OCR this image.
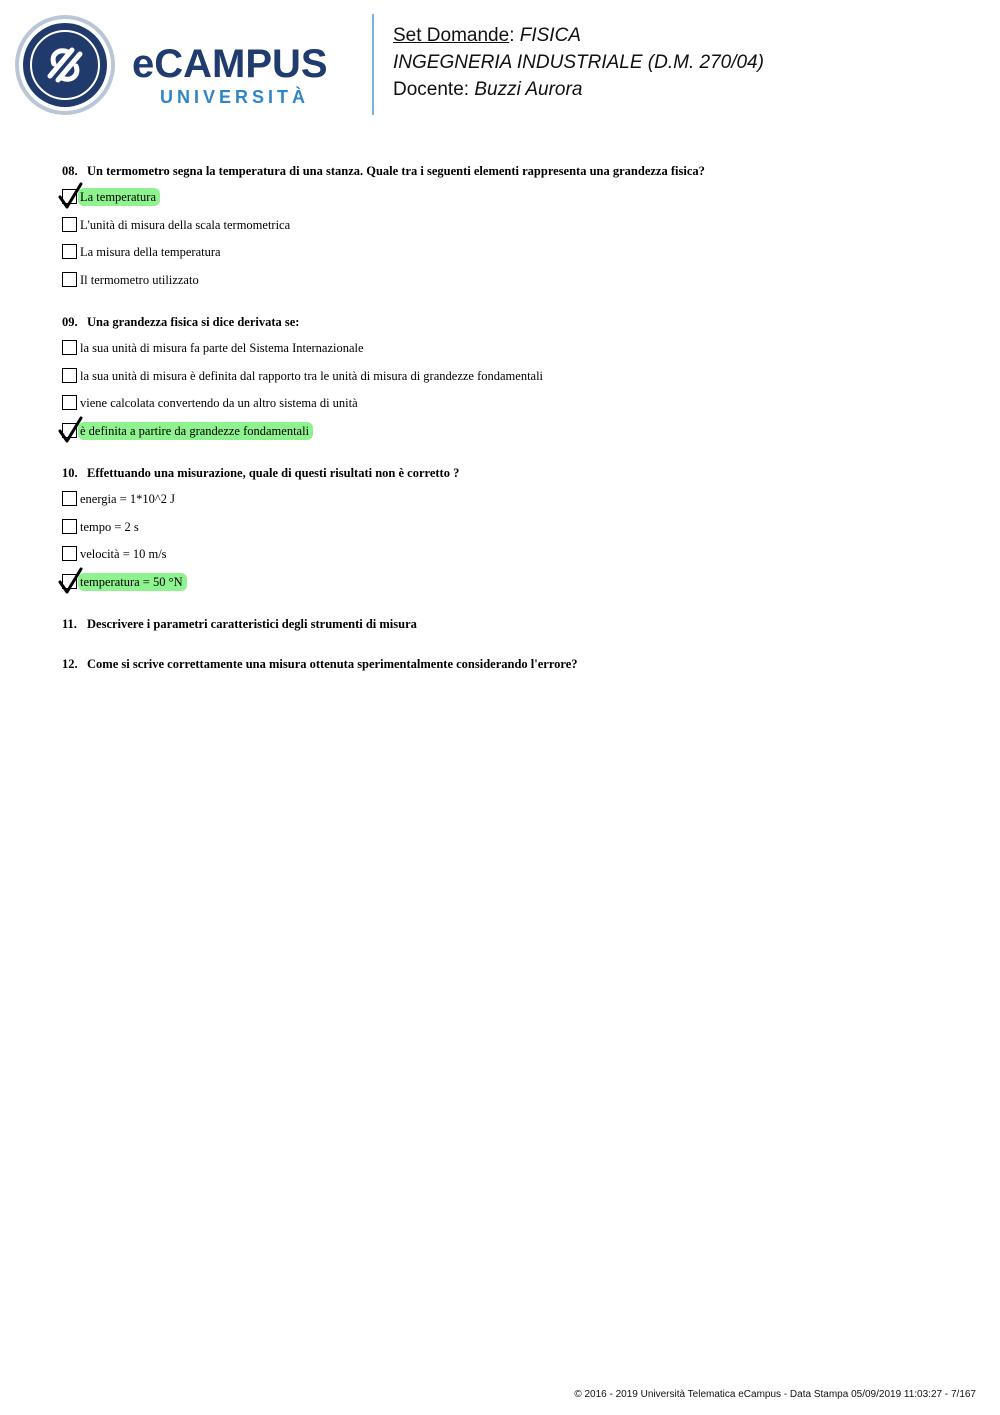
eCAMPUS
UNIVERSITÀ
Set Domande: FISICA
INGEGNERIA INDUSTRIALE (D.M. 270/04)
Docente: Buzzi Aurora
08. Un termometro segna la temperatura di una stanza. Quale tra i seguenti elementi rappresenta una grandezza fisica?
La temperatura
L'unità di misura della scala termometrica
La misura della temperatura
Il termometro utilizzato
09. Una grandezza fisica si dice derivata se:
la sua unità di misura fa parte del Sistema Internazionale
la sua unità di misura è definita dal rapporto tra le unità di misura di grandezze fondamentali
viene calcolata convertendo da un altro sistema di unità
è definita a partire da grandezze fondamentali
10. Effettuando una misurazione, quale di questi risultati non è corretto ?
energia = 1*10^2 J
tempo = 2 s
velocità = 10 m/s
temperatura = 50 °N
11. Descrivere i parametri caratteristici degli strumenti di misura
12. Come si scrive correttamente una misura ottenuta sperimentalmente considerando l'errore?
© 2016 - 2019 Università Telematica eCampus - Data Stampa 05/09/2019 11:03:27 - 7/167
